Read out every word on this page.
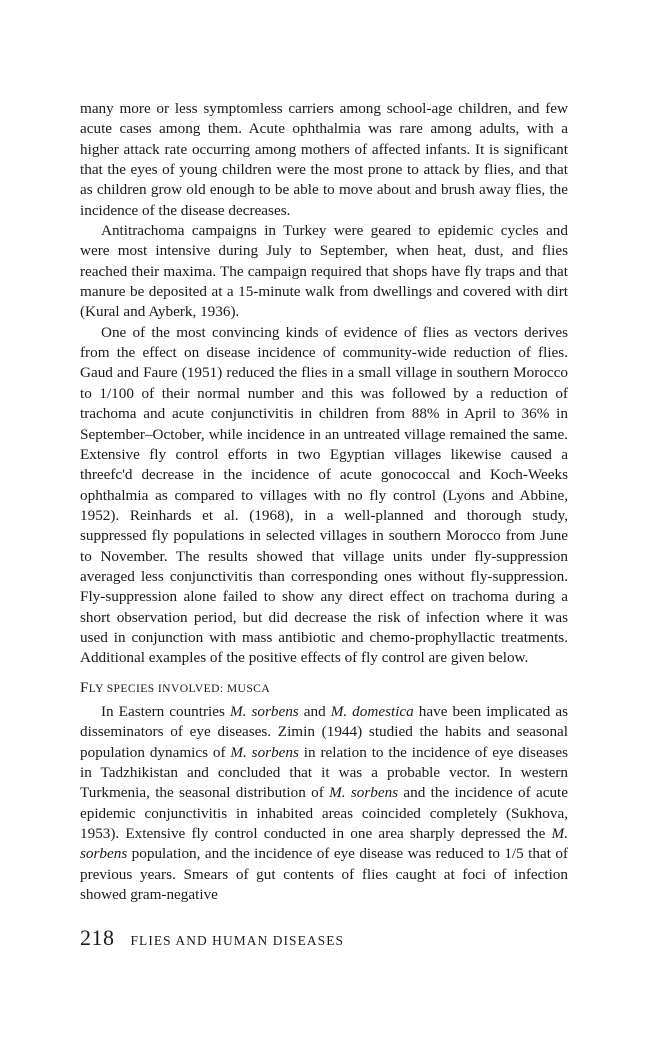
many more or less symptomless carriers among school-age children, and few acute cases among them. Acute ophthalmia was rare among adults, with a higher attack rate occurring among mothers of affected infants. It is significant that the eyes of young children were the most prone to attack by flies, and that as children grow old enough to be able to move about and brush away flies, the incidence of the disease decreases.

Antitrachoma campaigns in Turkey were geared to epidemic cycles and were most intensive during July to September, when heat, dust, and flies reached their maxima. The campaign required that shops have fly traps and that manure be deposited at a 15-minute walk from dwellings and covered with dirt (Kural and Ayberk, 1936).

One of the most convincing kinds of evidence of flies as vectors derives from the effect on disease incidence of community-wide reduction of flies. Gaud and Faure (1951) reduced the flies in a small village in southern Morocco to 1/100 of their normal number and this was followed by a reduction of trachoma and acute conjunctivitis in children from 88% in April to 36% in September–October, while incidence in an untreated village remained the same. Extensive fly control efforts in two Egyptian villages likewise caused a threefc'd decrease in the incidence of acute gonococcal and Koch-Weeks ophthalmia as compared to villages with no fly control (Lyons and Abbine, 1952). Reinhards et al. (1968), in a well-planned and thorough study, suppressed fly populations in selected villages in southern Morocco from June to November. The results showed that village units under fly-suppression averaged less conjunctivitis than corresponding ones without fly-suppression. Fly-suppression alone failed to show any direct effect on trachoma during a short observation period, but did decrease the risk of infection where it was used in conjunction with mass antibiotic and chemo-prophyllactic treatments. Additional examples of the positive effects of fly control are given below.

FLY SPECIES INVOLVED: MUSCA

In Eastern countries M. sorbens and M. domestica have been implicated as disseminators of eye diseases. Zimin (1944) studied the habits and seasonal population dynamics of M. sorbens in relation to the incidence of eye diseases in Tadzhikistan and concluded that it was a probable vector. In western Turkmenia, the seasonal distribution of M. sorbens and the incidence of acute epidemic conjunctivitis in inhabited areas coincided completely (Sukhova, 1953). Extensive fly control conducted in one area sharply depressed the M. sorbens population, and the incidence of eye disease was reduced to 1/5 that of previous years. Smears of gut contents of flies caught at foci of infection showed gram-negative

218 FLIES AND HUMAN DISEASES
